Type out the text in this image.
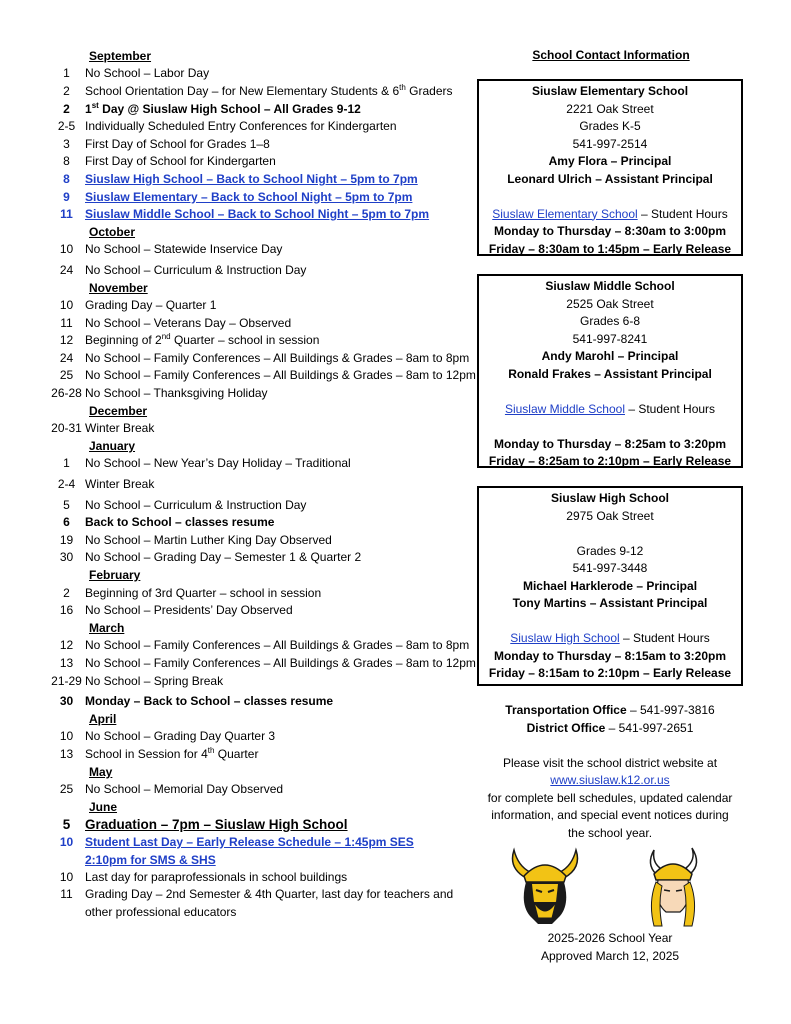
September
1	No School – Labor Day
2	School Orientation Day – for New Elementary Students & 6th Graders
2	1st Day @ Siuslaw High School – All Grades 9-12
2-5 Individually Scheduled Entry Conferences for Kindergarten
3	First Day of School for Grades 1–8
8	First Day of School for Kindergarten
8	Siuslaw High School – Back to School Night – 5pm to 7pm
9	Siuslaw Elementary – Back to School Night – 5pm to 7pm
11	Siuslaw Middle School – Back to School Night – 5pm to 7pm
October
10 No School – Statewide Inservice Day
24 No School – Curriculum & Instruction Day
November
10 Grading Day – Quarter 1
11	No School – Veterans Day – Observed
12 Beginning of 2nd Quarter – school in session
24 No School – Family Conferences – All Buildings & Grades – 8am to 8pm
25 No School – Family Conferences – All Buildings & Grades – 8am to 12pm
26-28 No School – Thanksgiving Holiday
December
20-31 Winter Break
January
1	No School – New Year’s Day Holiday – Traditional
2-4 Winter Break
5	No School – Curriculum & Instruction Day
6	Back to School – classes resume
19 No School – Martin Luther King Day Observed
30 No School – Grading Day – Semester 1 & Quarter 2
February
2	Beginning of 3rd Quarter – school in session
16 No School – Presidents’ Day Observed
March
12 No School – Family Conferences – All Buildings & Grades – 8am to 8pm
13 No School – Family Conferences – All Buildings & Grades – 8am to 12pm
21-29 No School – Spring Break
30 Monday – Back to School – classes resume
April
10 No School – Grading Day Quarter 3
13 School in Session for 4th Quarter
May
25 No School – Memorial Day Observed
June
5	Graduation – 7pm – Siuslaw High School
10 Student Last Day – Early Release Schedule – 1:45pm SES
2:10pm for SMS & SHS
10 Last day for paraprofessionals in school buildings
11	Grading Day – 2nd Semester & 4th Quarter, last day for teachers and other professional educators
School Contact Information
Siuslaw Elementary School
2221 Oak Street
Grades K-5
541-997-2514
Amy Flora – Principal
Leonard Ulrich – Assistant Principal
Siuslaw Elementary School – Student Hours
Monday to Thursday – 8:30am to 3:00pm
Friday – 8:30am to 1:45pm – Early Release
Siuslaw Middle School
2525 Oak Street
Grades 6-8
541-997-8241
Andy Marohl – Principal
Ronald Frakes – Assistant Principal
Siuslaw Middle School – Student Hours
Monday to Thursday – 8:25am to 3:20pm
Friday – 8:25am to 2:10pm – Early Release
Siuslaw High School
2975 Oak Street
Grades 9-12
541-997-3448
Michael Harklerode – Principal
Tony Martins – Assistant Principal
Siuslaw High School – Student Hours
Monday to Thursday – 8:15am to 3:20pm
Friday – 8:15am to 2:10pm – Early Release
Transportation Office – 541-997-3816
District Office – 541-997-2651
Please visit the school district website at
www.siuslaw.k12.or.us
for complete bell schedules, updated calendar
information, and special event notices during
the school year.
2025-2026 School Year
Approved March 12, 2025
